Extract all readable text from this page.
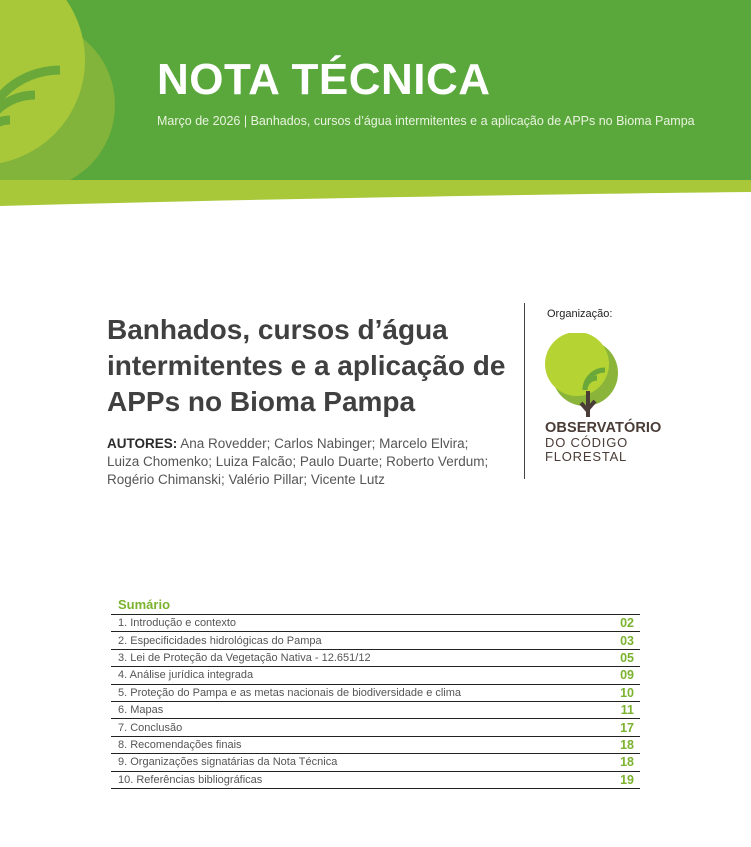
NOTA TÉCNICA
Março de 2026 | Banhados, cursos d’água intermitentes e a aplicação de APPs no Bioma Pampa
Banhados, cursos d’água intermitentes e a aplicação de APPs no Bioma Pampa
AUTORES: Ana Rovedder; Carlos Nabinger; Marcelo Elvira; Luiza Chomenko; Luiza Falcão; Paulo Duarte; Roberto Verdum; Rogério Chimanski; Valério Pillar; Vicente Lutz
Organização:
OBSERVATÓRIO
DO CÓDIGO
FLORESTAL
Sumário
1. Introdução e contexto	02
2. Especificidades hidrológicas do Pampa	03
3. Lei de Proteção da Vegetação Nativa - 12.651/12	05
4. Análise jurídica integrada	09
5. Proteção do Pampa e as metas nacionais de biodiversidade e clima	10
6. Mapas	11
7. Conclusão	17
8. Recomendações finais	18
9. Organizações signatárias da Nota Técnica	18
10. Referências bibliográficas	19
